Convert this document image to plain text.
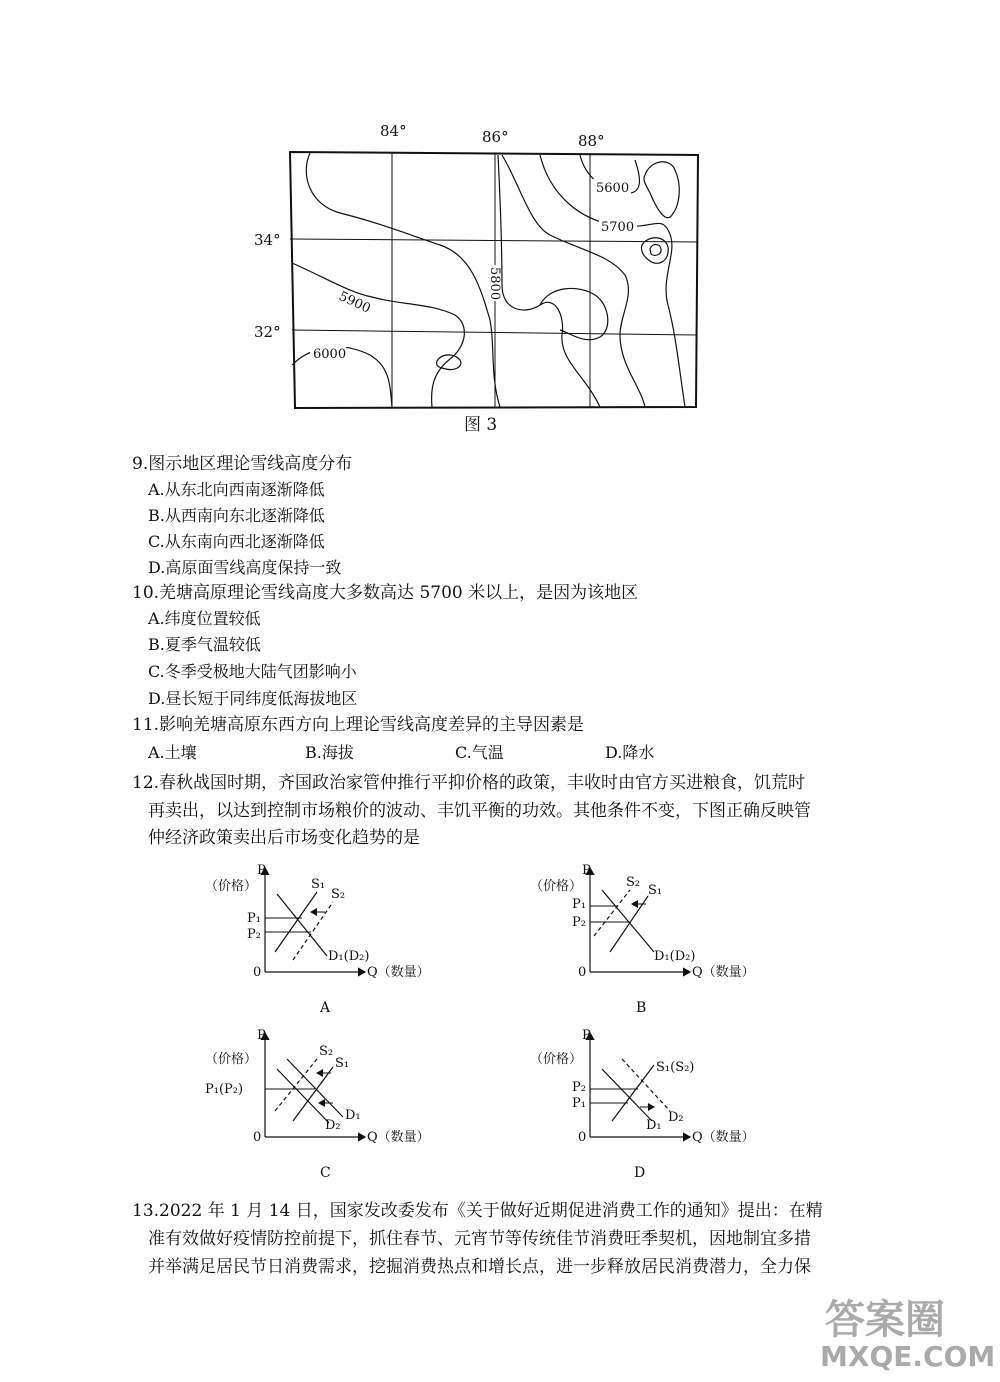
84°	86°	88°
34°
32°
5600
5700
5800
5900
6000
图 3
9.图示地区理论雪线高度分布
A.从东北向西南逐渐降低
B.从西南向东北逐渐降低
C.从东南向西北逐渐降低
D.高原面雪线高度保持一致
10.羌塘高原理论雪线高度大多数高达 5700 米以上，是因为该地区
A.纬度位置较低
B.夏季气温较低
C.冬季受极地大陆气团影响小
D.昼长短于同纬度低海拔地区
11.影响羌塘高原东西方向上理论雪线高度差异的主导因素是
A.土壤	B.海拔	C.气温	D.降水
12.春秋战国时期，齐国政治家管仲推行平抑价格的政策，丰收时由官方买进粮食，饥荒时
再卖出，以达到控制市场粮价的波动、丰饥平衡的功效。其他条件不变，下图正确反映管
仲经济政策卖出后市场变化趋势的是
P
（价格）	S₁
S₂
P₁
P₂
D₁(D₂)
0	Q（数量）
A
P
（价格）	S₂
S₁
P₁
P₂
D₁(D₂)
0	Q（数量）
B
P
（价格）
S₂
S₁
P₁(P₂)
D₁
D₂
0	Q（数量）
C
P
（价格）
S₁(S₂)
P₂
P₁
D₁
D₂
0	Q（数量）
D
13.2022 年 1 月 14 日，国家发改委发布《关于做好近期促进消费工作的通知》提出：在精
准有效做好疫情防控前提下，抓住春节、元宵节等传统佳节消费旺季契机，因地制宜多措
并举满足居民节日消费需求，挖掘消费热点和增长点，进一步释放居民消费潜力，全力保
答案圈
MXQE.COM
